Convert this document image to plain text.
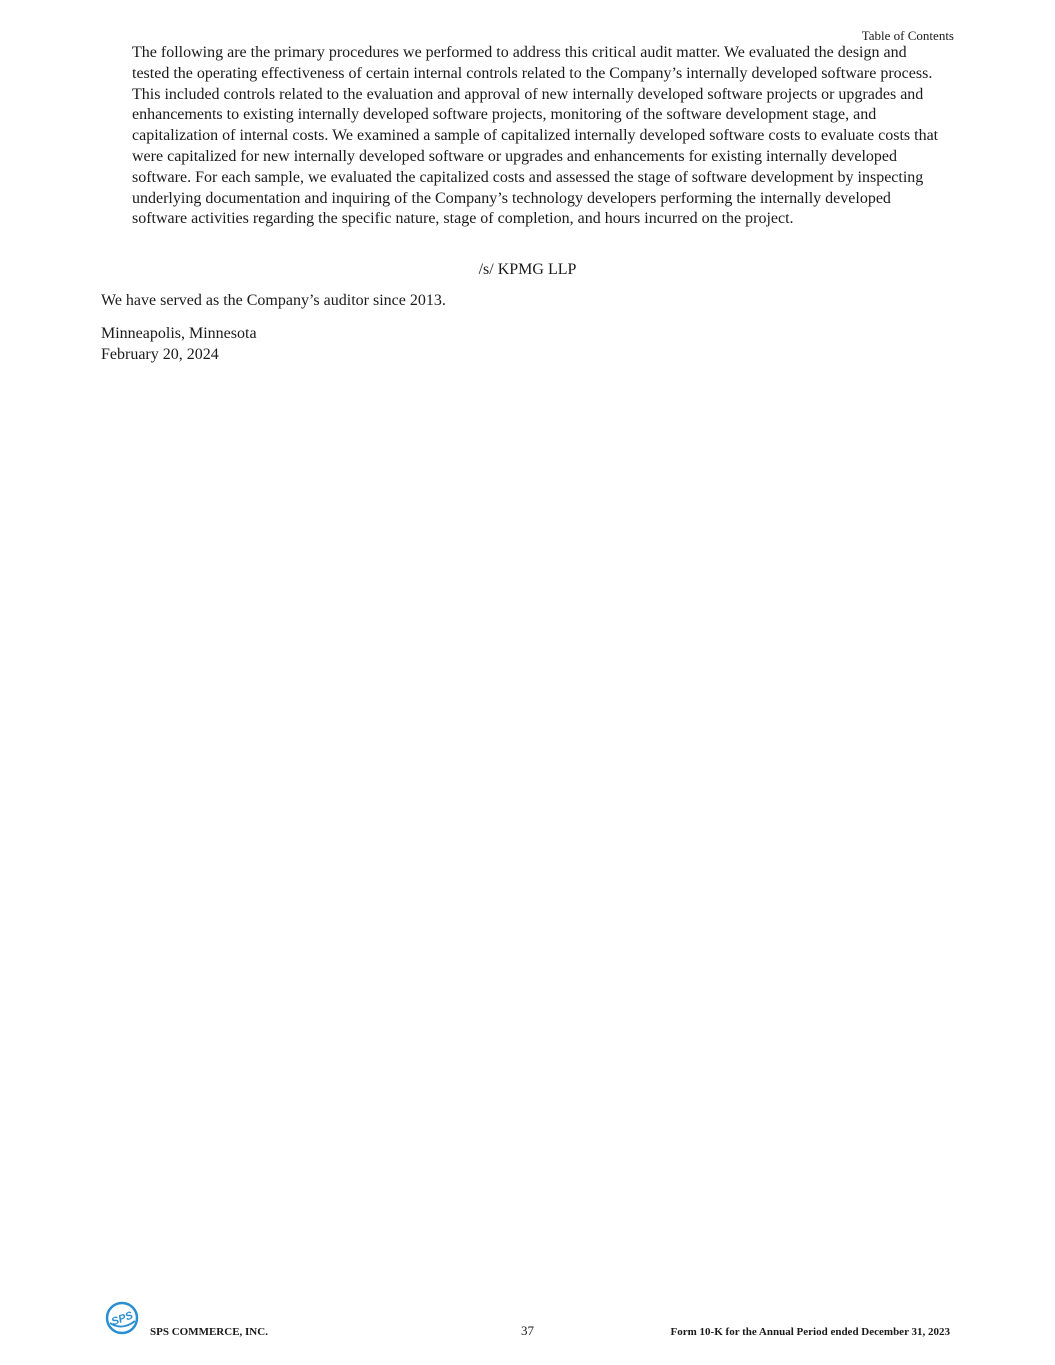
Table of Contents

The following are the primary procedures we performed to address this critical audit matter. We evaluated the design and tested the operating effectiveness of certain internal controls related to the Company’s internally developed software process. This included controls related to the evaluation and approval of new internally developed software projects or upgrades and enhancements to existing internally developed software projects, monitoring of the software development stage, and capitalization of internal costs. We examined a sample of capitalized internally developed software costs to evaluate costs that were capitalized for new internally developed software or upgrades and enhancements for existing internally developed software. For each sample, we evaluated the capitalized costs and assessed the stage of software development by inspecting underlying documentation and inquiring of the Company’s technology developers performing the internally developed software activities regarding the specific nature, stage of completion, and hours incurred on the project.

/s/ KPMG LLP

We have served as the Company’s auditor since 2013.

Minneapolis, Minnesota
February 20, 2024
SPS
SPS COMMERCE, INC.	37	Form 10-K for the Annual Period ended December 31, 2023
